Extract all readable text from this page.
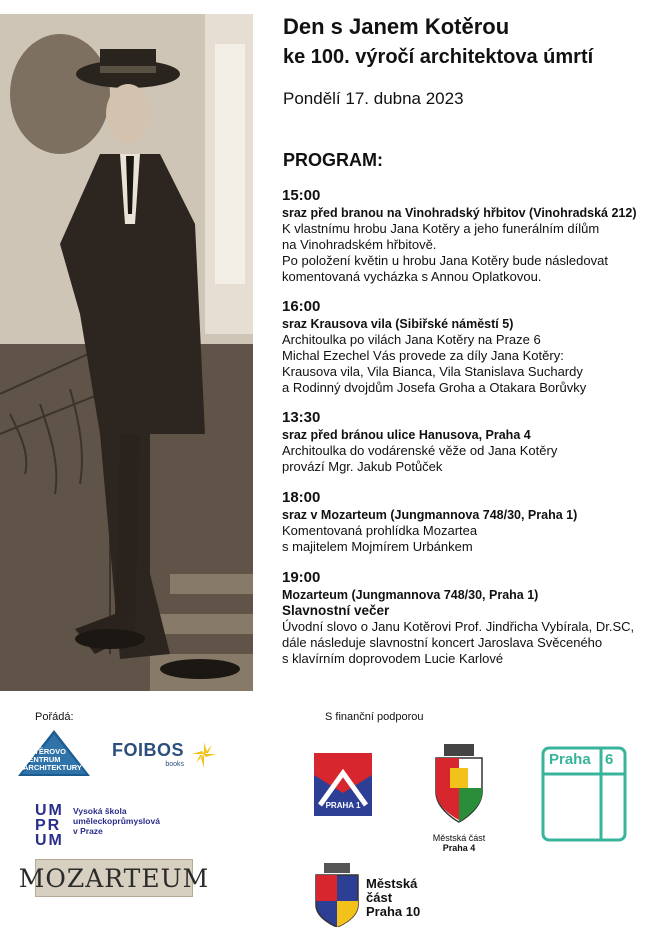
Den s Janem Kotěrou
ke 100. výročí architektova úmrtí
Pondělí 17. dubna 2023
PROGRAM:
15:00
sraz před branou na Vinohradský hřbitov (Vinohradská 212)
K vlastnímu hrobu Jana Kotěry a jeho funerálním dílům
na Vinohradském hřbitově.
Po položení květin u hrobu Jana Kotěry bude následovat
komentovaná vycházka s Annou Oplatkovou.
16:00
sraz Krausova vila (Sibiřské náměstí 5)
Architoulka po vilách Jana Kotěry na Praze 6
Michal Ezechel Vás provede za díly Jana Kotěry:
Krausova vila, Vila Bianca, Vila Stanislava Suchardy
a Rodinný dvojdům Josefa Groha a Otakara Borůvky
13:30
sraz před bránou ulice Hanusova, Praha 4
Architoulka do vodárenské věže od Jana Kotěry
provází Mgr. Jakub Potůček
18:00
sraz v Mozarteum (Jungmannova 748/30, Praha 1)
Komentovaná prohlídka Mozartea
s majitelem Mojmírem Urbánkem
19:00
Mozarteum (Jungmannova 748/30, Praha 1)
Slavnostní večer
Úvodní slovo o Janu Kotěrovi Prof. Jindřicha Vybírala, Dr.SC,
dále následuje slavnostní koncert Jaroslava Svěceného
s klavírním doprovodem Lucie Karlové
Pořádá:	S finanční podporou
KOTĚROVO
CENTRUM
ARCHITEKTURY
FOIBOS
books
UM
PR
UM
Vysoká škola
uměleckoprůmyslová
v Praze
MOZARTEUM
PRAHA 1
Městská část
Praha 4
Praha 6
Městská
část
Praha 10
